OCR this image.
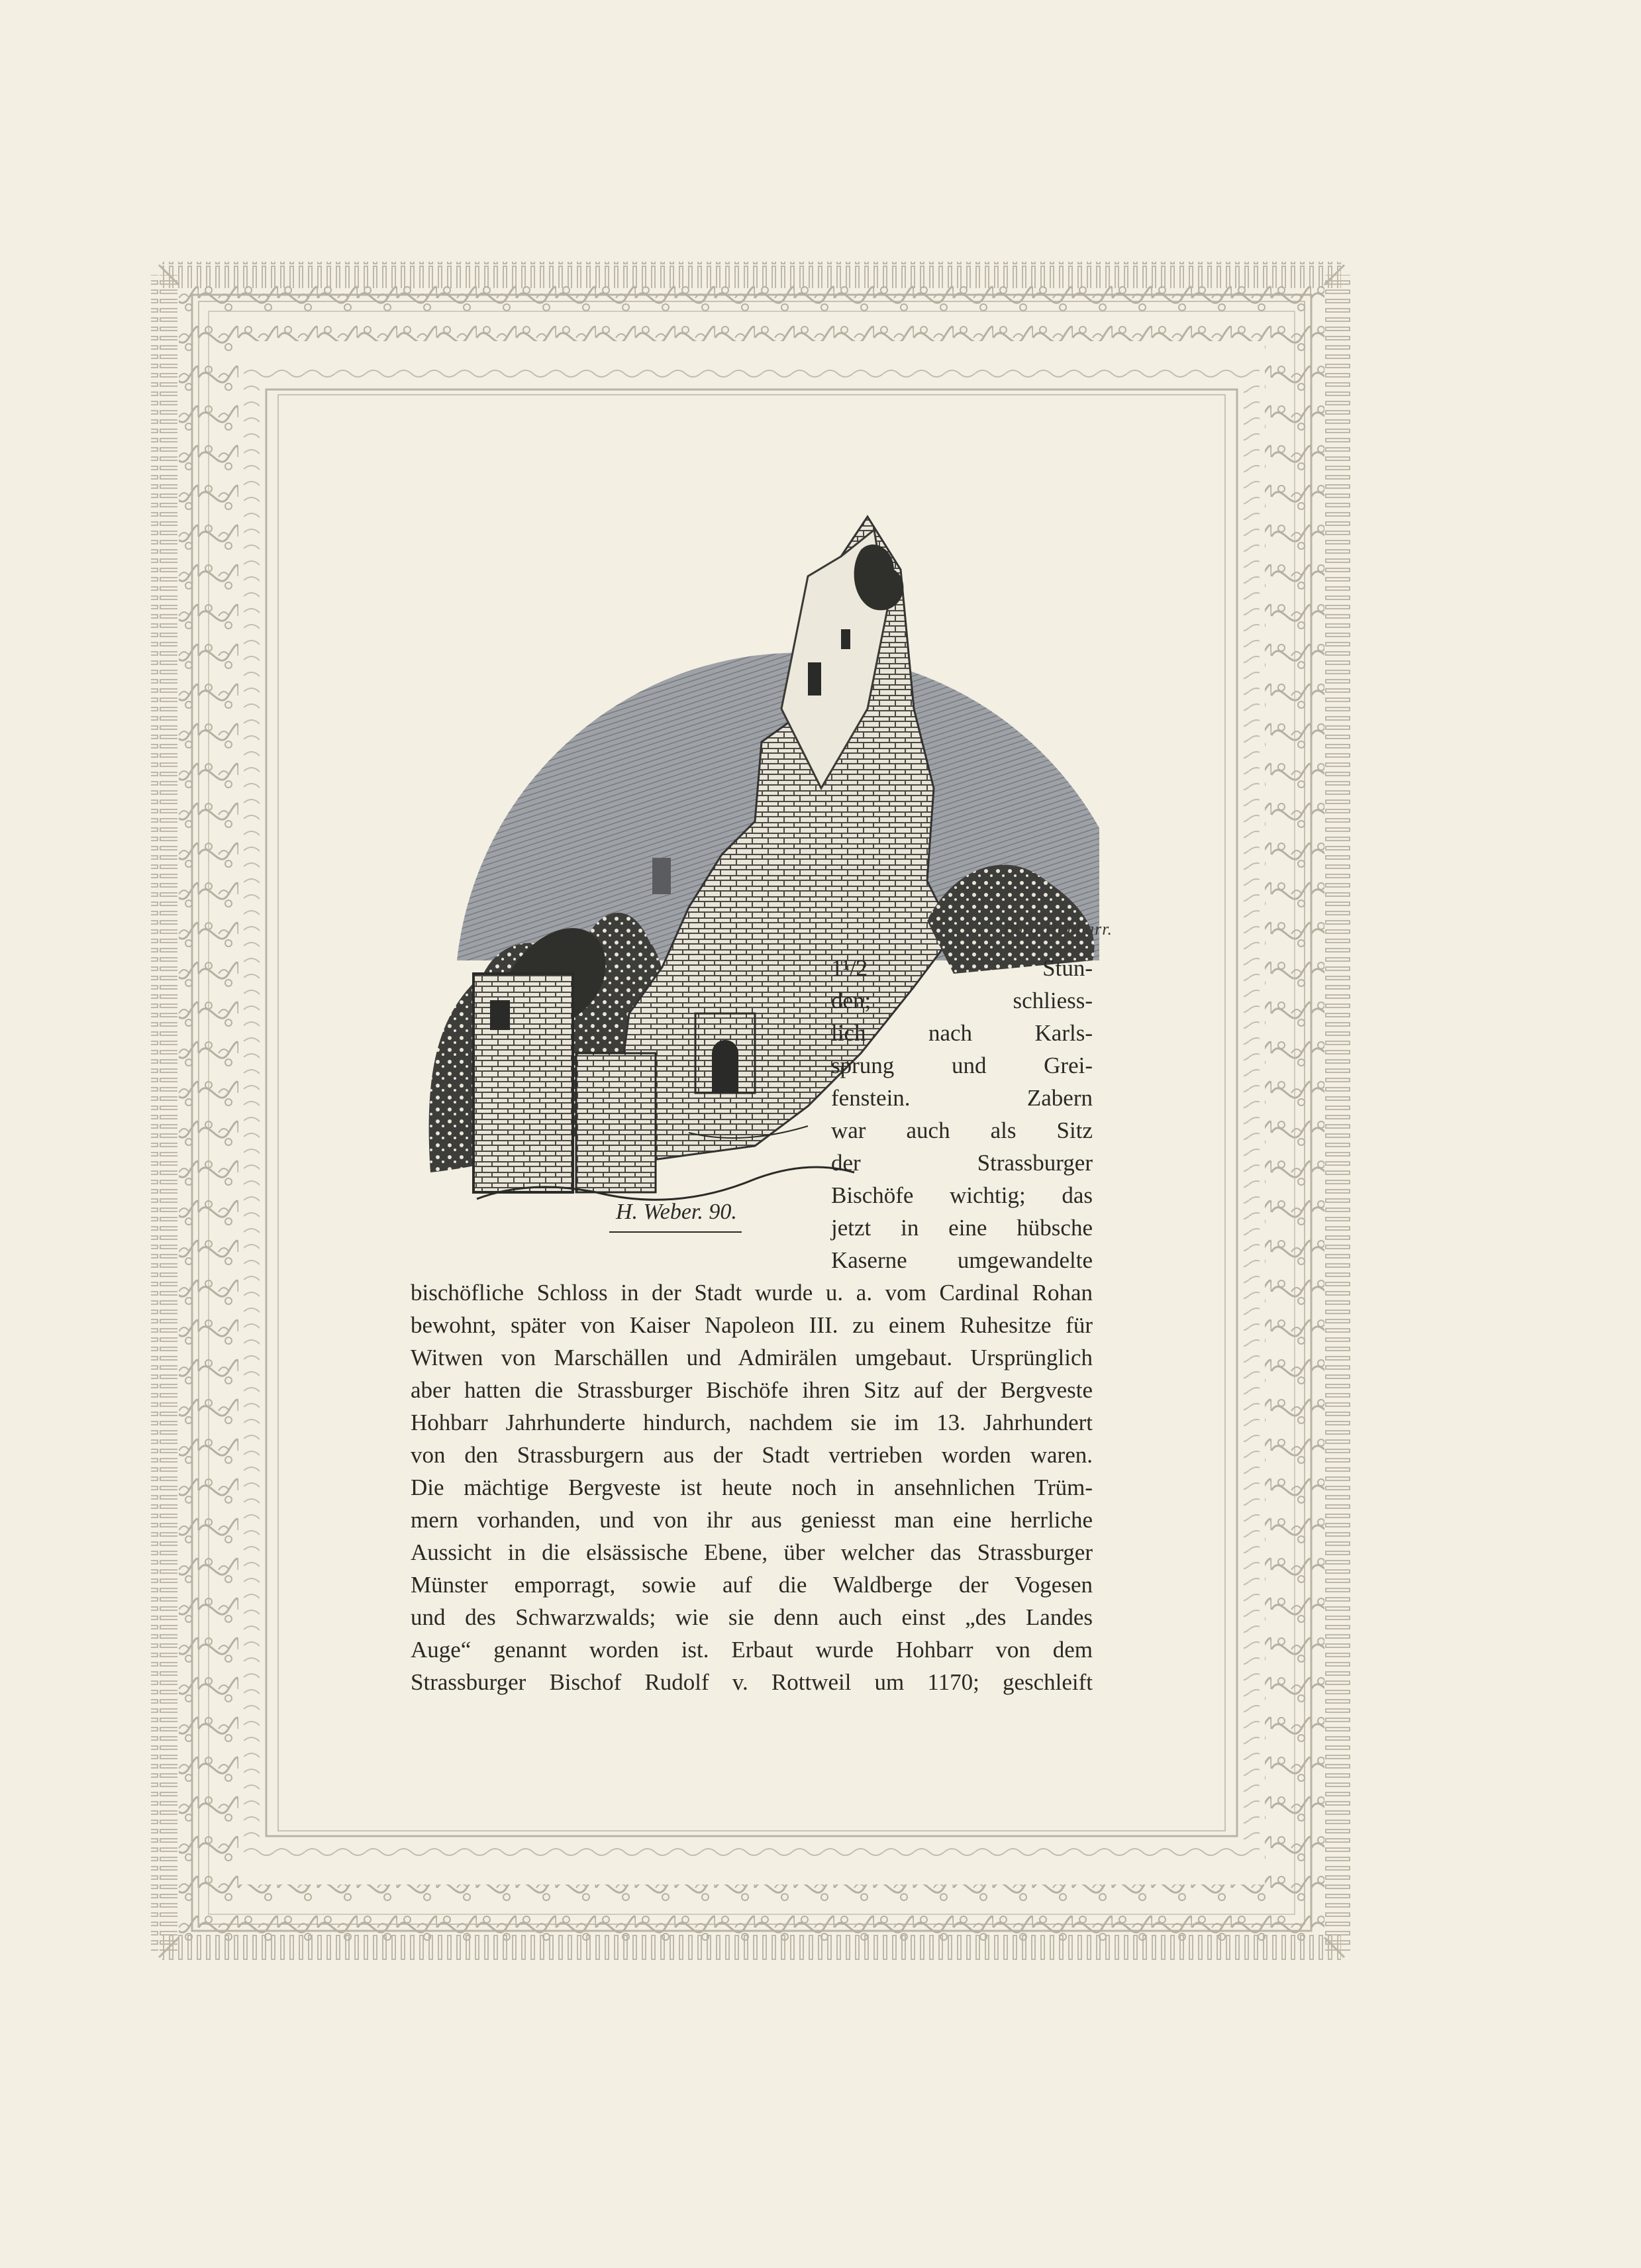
H. Weber. 90.
Burg Hohbarr.
1¹/2 Stun-
den; schliess-
lich nach Karls-
sprung und Grei-
fenstein. Zabern
war auch als Sitz
der Strassburger
Bischöfe wichtig; das
jetzt in eine hübsche
Kaserne umgewandelte
bischöfliche Schloss in der Stadt wurde u. a. vom Cardinal Rohan
bewohnt, später von Kaiser Napoleon III. zu einem Ruhesitze für
Witwen von Marschällen und Admirälen umgebaut. Ursprünglich
aber hatten die Strassburger Bischöfe ihren Sitz auf der Bergveste
Hohbarr Jahrhunderte hindurch, nachdem sie im 13. Jahrhundert
von den Strassburgern aus der Stadt vertrieben worden waren.
Die mächtige Bergveste ist heute noch in ansehnlichen Trüm-
mern vorhanden, und von ihr aus geniesst man eine herrliche
Aussicht in die elsässische Ebene, über welcher das Strassburger
Münster emporragt, sowie auf die Waldberge der Vogesen
und des Schwarzwalds; wie sie denn auch einst „des Landes
Auge“ genannt worden ist. Erbaut wurde Hohbarr von dem
Strassburger Bischof Rudolf v. Rottweil um 1170; geschleift
